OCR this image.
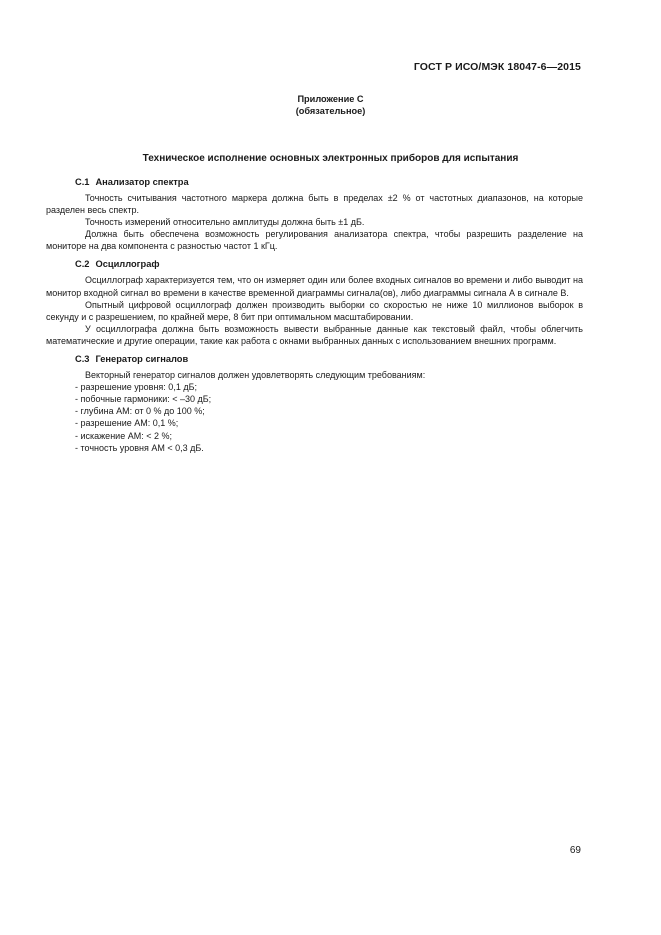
ГОСТ Р ИСО/МЭК 18047-6—2015
Приложение С
(обязательное)
Техническое исполнение основных электронных приборов для испытания
С.1 Анализатор спектра

Точность считывания частотного маркера должна быть в пределах ±2 % от частотных диапазонов, на которые разделен весь спектр.

Точность измерений относительно амплитуды должна быть ±1 дБ.

Должна быть обеспечена возможность регулирования анализатора спектра, чтобы разрешить разделение на мониторе на два компонента с разностью частот 1 кГц.

С.2 Осциллограф

Осциллограф характеризуется тем, что он измеряет один или более входных сигналов во времени и либо выводит на монитор входной сигнал во времени в качестве временной диаграммы сигнала(ов), либо диаграммы сигнала А в сигнале В.

Опытный цифровой осциллограф должен производить выборки со скоростью не ниже 10 миллионов выборок в секунду и с разрешением, по крайней мере, 8 бит при оптимальном масштабировании.

У осциллографа должна быть возможность вывести выбранные данные как текстовый файл, чтобы облегчить математические и другие операции, такие как работа с окнами выбранных данных с использованием внешних программ.

С.3 Генератор сигналов

Векторный генератор сигналов должен удовлетворять следующим требованиям:

- разрешение уровня: 0,1 дБ;
- побочные гармоники: < –30 дБ;
- глубина АМ: от 0 % до 100 %;
- разрешение АМ: 0,1 %;
- искажение АМ: < 2 %;
- точность уровня АМ < 0,3 дБ.
69
